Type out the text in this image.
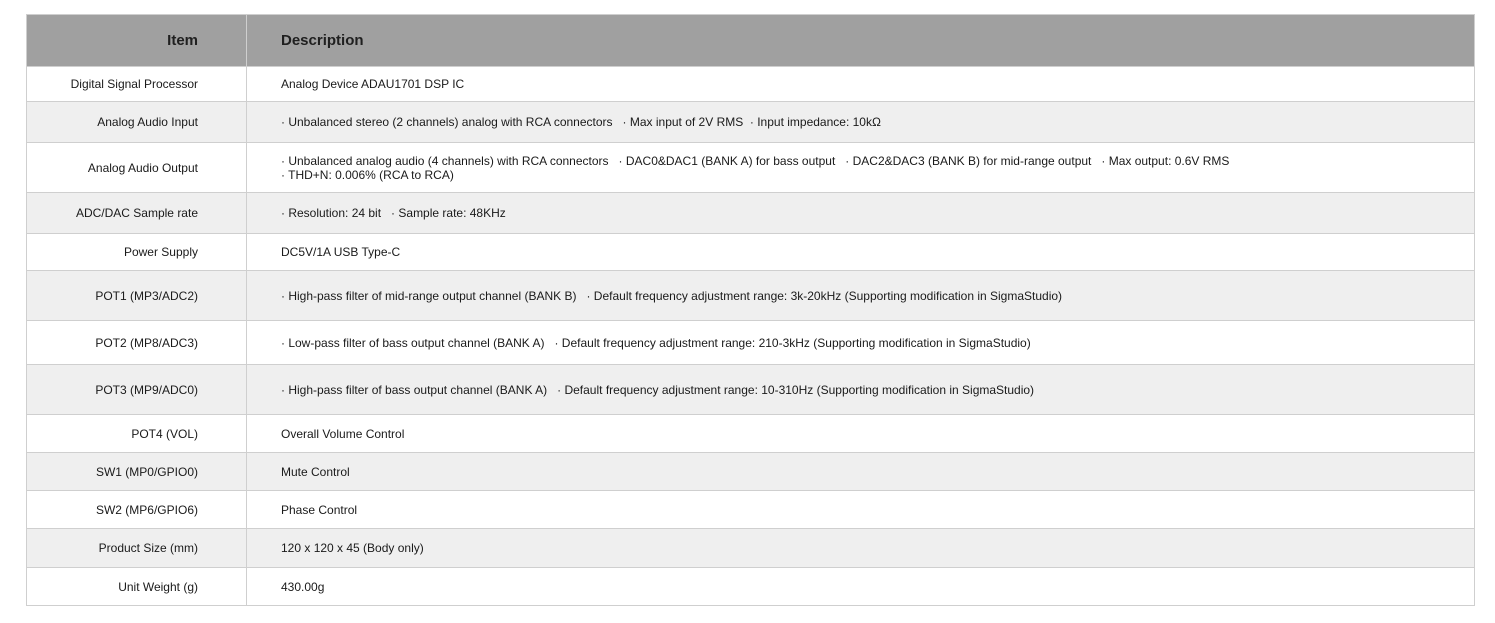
Item	Description
Digital Signal Processor	Analog Device ADAU1701 DSP IC
Analog Audio Input	· Unbalanced stereo (2 channels) analog with RCA connectors   · Max input of 2V RMS  · Input impedance: 10kΩ
Analog Audio Output	· Unbalanced analog audio (4 channels) with RCA connectors   · DAC0&DAC1 (BANK A) for bass output   · DAC2&DAC3 (BANK B) for mid-range output   · Max output: 0.6V RMS
· THD+N: 0.006% (RCA to RCA)
ADC/DAC Sample rate	· Resolution: 24 bit   · Sample rate: 48KHz
Power Supply	DC5V/1A USB Type-C
POT1 (MP3/ADC2)	· High-pass filter of mid-range output channel (BANK B)   · Default frequency adjustment range: 3k-20kHz (Supporting modification in SigmaStudio)
POT2 (MP8/ADC3)	· Low-pass filter of bass output channel (BANK A)   · Default frequency adjustment range: 210-3kHz (Supporting modification in SigmaStudio)
POT3 (MP9/ADC0)	· High-pass filter of bass output channel (BANK A)   · Default frequency adjustment range: 10-310Hz (Supporting modification in SigmaStudio)
POT4 (VOL)	Overall Volume Control
SW1 (MP0/GPIO0)	Mute Control
SW2 (MP6/GPIO6)	Phase Control
Product Size (mm)	120 x 120 x 45 (Body only)
Unit Weight (g)	430.00g
